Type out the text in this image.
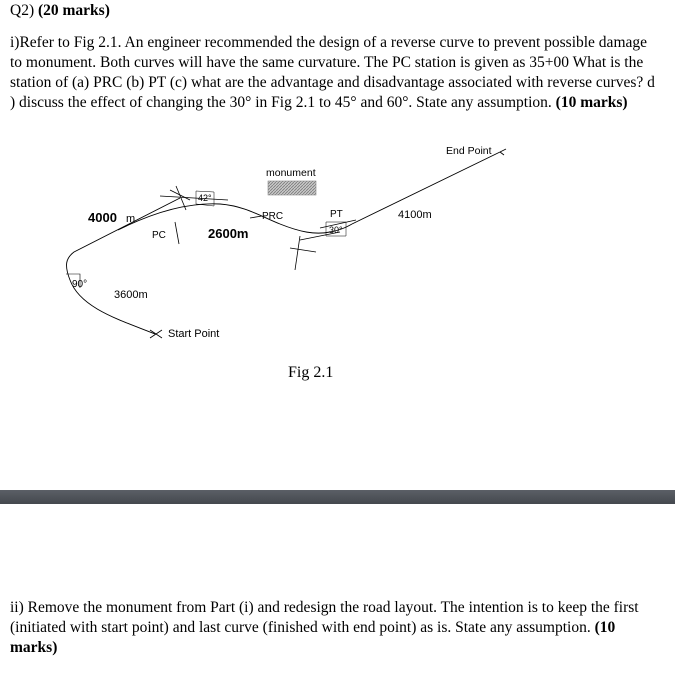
Q2) (20 marks)

i)Refer to Fig 2.1. An engineer recommended the design of a reverse curve to prevent possible damage to monument. Both curves will have the same curvature. The PC station is given as 35+00 What is the station of (a) PRC (b) PT (c) what are the advantage and disadvantage associated with reverse curves? d ) discuss the effect of changing the 30° in Fig 2.1 to 45° and 60°. State any assumption. (10 marks)

End Point
monument
42°
4000 m
PC	2600m
PRC	PT
30°
4100m
90°
3600m
Start Point
Fig 2.1

ii) Remove the monument from Part (i) and redesign the road layout. The intention is to keep the first (initiated with start point) and last curve (finished with end point) as is. State any assumption. (10 marks)
